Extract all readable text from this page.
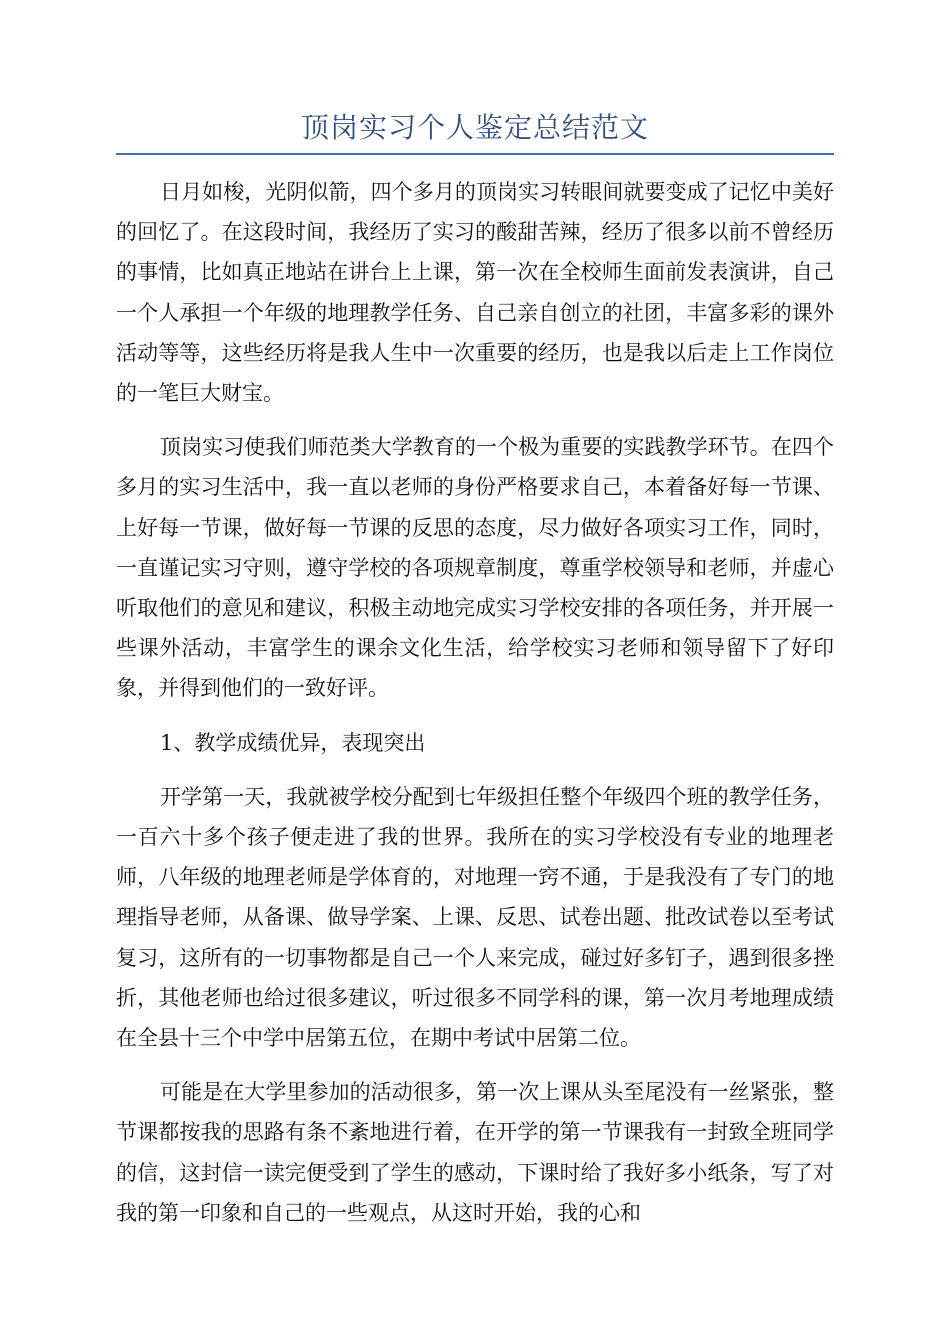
顶岗实习个人鉴定总结范文

日月如梭，光阴似箭，四个多月的顶岗实习转眼间就要变成了记忆中美好的回忆了。在这段时间，我经历了实习的酸甜苦辣，经历了很多以前不曾经历的事情，比如真正地站在讲台上上课，第一次在全校师生面前发表演讲，自己一个人承担一个年级的地理教学任务、自己亲自创立的社团，丰富多彩的课外活动等等，这些经历将是我人生中一次重要的经历，也是我以后走上工作岗位的一笔巨大财宝。

顶岗实习使我们师范类大学教育的一个极为重要的实践教学环节。在四个多月的实习生活中，我一直以老师的身份严格要求自己，本着备好每一节课、上好每一节课，做好每一节课的反思的态度，尽力做好各项实习工作，同时，一直谨记实习守则，遵守学校的各项规章制度，尊重学校领导和老师，并虚心听取他们的意见和建议，积极主动地完成实习学校安排的各项任务，并开展一些课外活动，丰富学生的课余文化生活，给学校实习老师和领导留下了好印象，并得到他们的一致好评。

1、教学成绩优异，表现突出

开学第一天，我就被学校分配到七年级担任整个年级四个班的教学任务，一百六十多个孩子便走进了我的世界。我所在的实习学校没有专业的地理老师，八年级的地理老师是学体育的，对地理一窍不通，于是我没有了专门的地理指导老师，从备课、做导学案、上课、反思、试卷出题、批改试卷以至考试复习，这所有的一切事物都是自己一个人来完成，碰过好多钉子，遇到很多挫折，其他老师也给过很多建议，听过很多不同学科的课，第一次月考地理成绩在全县十三个中学中居第五位，在期中考试中居第二位。

可能是在大学里参加的活动很多，第一次上课从头至尾没有一丝紧张，整节课都按我的思路有条不紊地进行着，在开学的第一节课我有一封致全班同学的信，这封信一读完便受到了学生的感动，下课时给了我好多小纸条，写了对我的第一印象和自己的一些观点，从这时开始，我的心和
